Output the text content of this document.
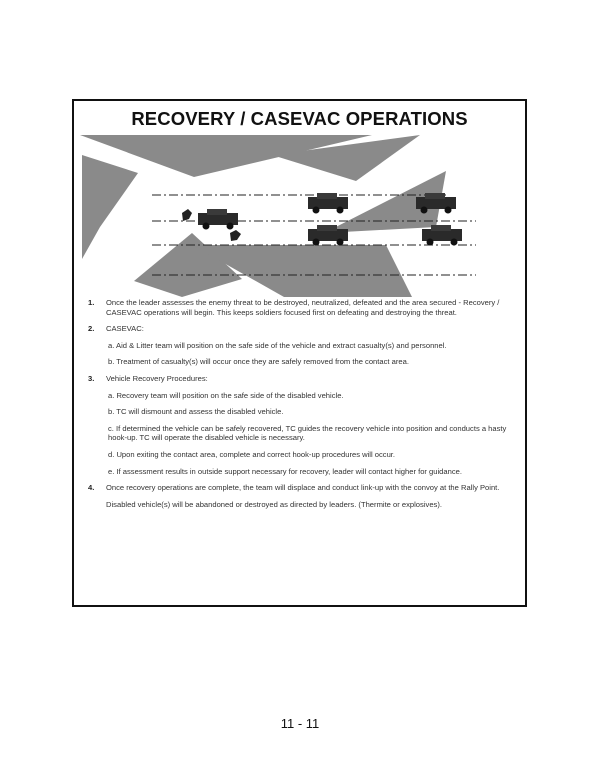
RECOVERY / CASEVAC OPERATIONS
1.	Once the leader assesses the enemy threat to be destroyed, neutralized, defeated and the area secured - Recovery / CASEVAC operations will begin. This keeps soldiers focused first on defeating and destroying the threat.
2.	CASEVAC:
a. Aid & Litter team will position on the safe side of the vehicle and extract casualty(s) and personnel.
b. Treatment of casualty(s) will occur once they are safely removed from the contact area.
3.	Vehicle Recovery Procedures:
a. Recovery team will position on the safe side of the disabled vehicle.
b. TC will dismount and assess the disabled vehicle.
c. If determined the vehicle can be safely recovered, TC guides the recovery vehicle into position and conducts a hasty hook-up. TC will operate the disabled vehicle is necessary.
d. Upon exiting the contact area, complete and correct hook-up procedures will occur.
e. If assessment results in outside support necessary for recovery, leader will contact higher for guidance.
4.	Once recovery operations are complete, the team will displace and conduct link-up with the convoy at the Rally Point.
Disabled vehicle(s) will be abandoned or destroyed as directed by leaders. (Thermite or explosives).
11 - 11
